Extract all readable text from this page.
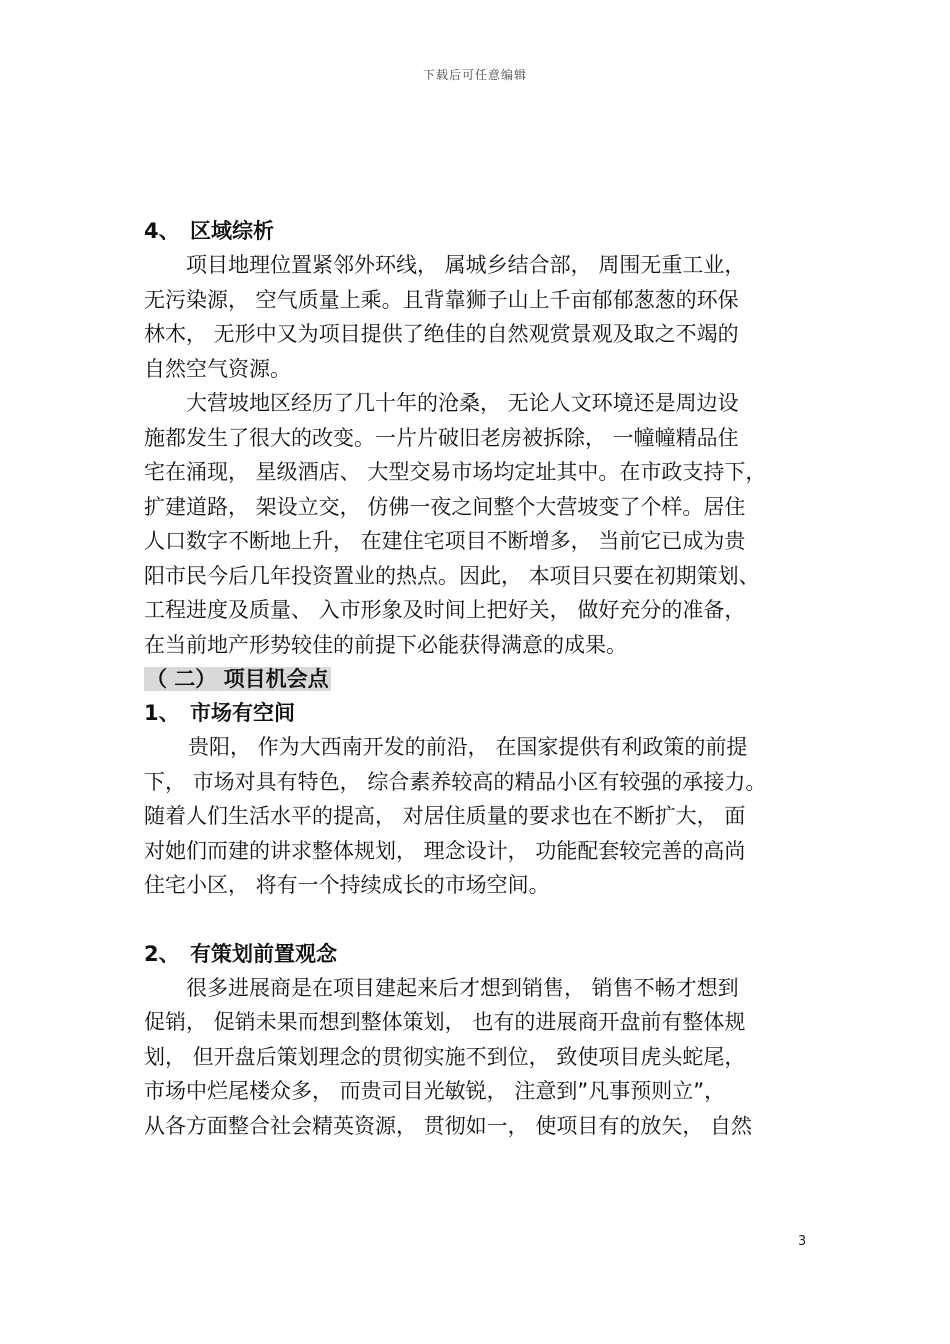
下载后可任意编辑
4、 区域综析
项目地理位置紧邻外环线， 属城乡结合部， 周围无重工业，
无污染源， 空气质量上乘。且背靠狮子山上千亩郁郁葱葱的环保
林木， 无形中又为项目提供了绝佳的自然观赏景观及取之不竭的
自然空气资源。
大营坡地区经历了几十年的沧桑， 无论人文环境还是周边设
施都发生了很大的改变。一片片破旧老房被拆除， 一幢幢精品住
宅在涌现， 星级酒店、 大型交易市场均定址其中。在市政支持下，
扩建道路， 架设立交， 仿佛一夜之间整个大营坡变了个样。居住
人口数字不断地上升， 在建住宅项目不断增多， 当前它已成为贵
阳市民今后几年投资置业的热点。因此， 本项目只要在初期策划、
工程进度及质量、 入市形象及时间上把好关， 做好充分的准备，
在当前地产形势较佳的前提下必能获得满意的成果。
（ 二） 项目机会点
1、 市场有空间
贵阳， 作为大西南开发的前沿， 在国家提供有利政策的前提
下， 市场对具有特色， 综合素养较高的精品小区有较强的承接力。
随着人们生活水平的提高， 对居住质量的要求也在不断扩大， 面
对她们而建的讲求整体规划， 理念设计， 功能配套较完善的高尚
住宅小区， 将有一个持续成长的市场空间。
2、 有策划前置观念
很多进展商是在项目建起来后才想到销售， 销售不畅才想到
促销， 促销未果而想到整体策划， 也有的进展商开盘前有整体规
划， 但开盘后策划理念的贯彻实施不到位， 致使项目虎头蛇尾，
市场中烂尾楼众多， 而贵司目光敏锐， 注意到”凡事预则立”，
从各方面整合社会精英资源， 贯彻如一， 使项目有的放矢， 自然
3
